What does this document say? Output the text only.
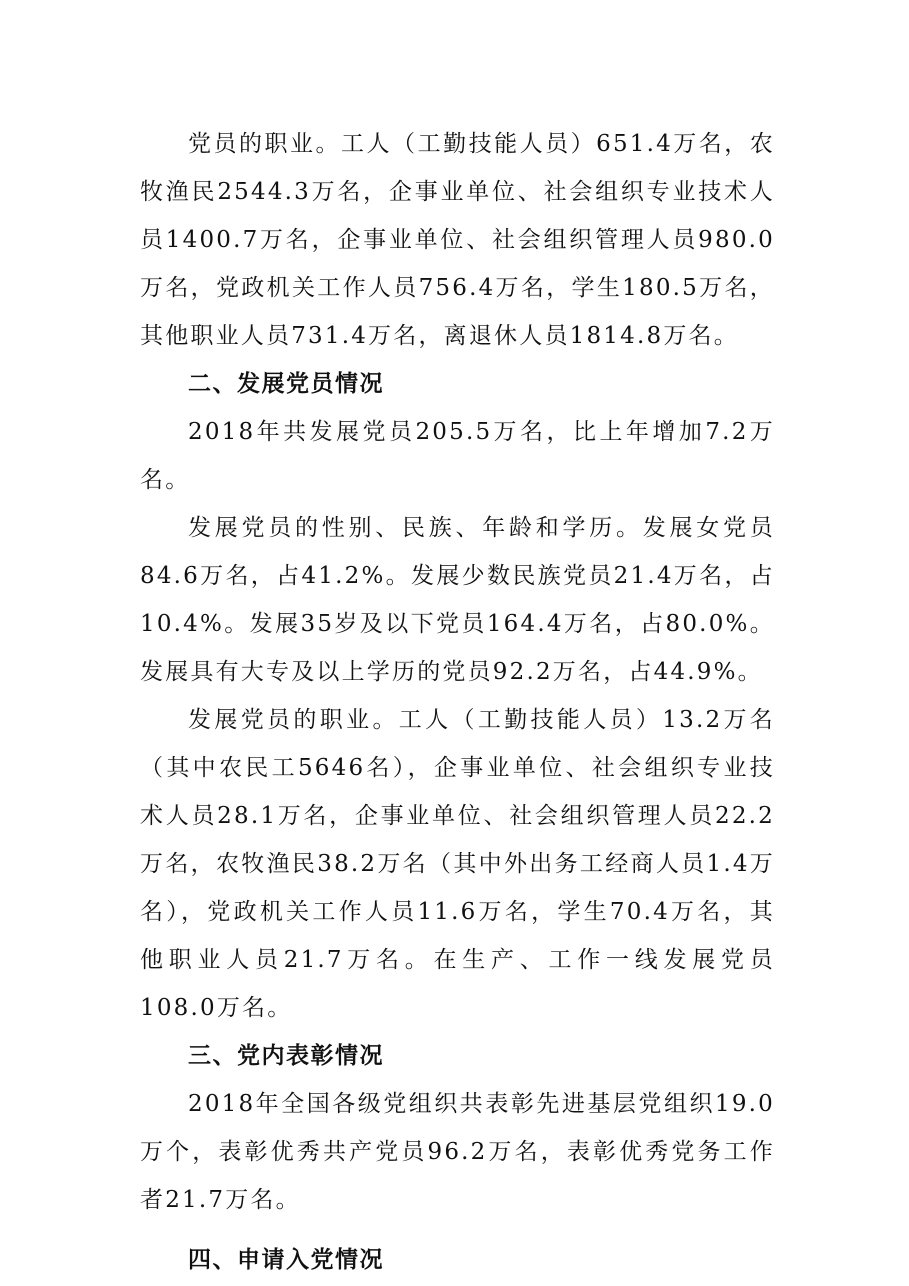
党员的职业。工人（工勤技能人员）651.4万名，农牧渔民2544.3万名，企事业单位、社会组织专业技术人员1400.7万名，企事业单位、社会组织管理人员980.0万名，党政机关工作人员756.4万名，学生180.5万名，其他职业人员731.4万名，离退休人员1814.8万名。

二、发展党员情况

2018年共发展党员205.5万名，比上年增加7.2万名。

发展党员的性别、民族、年龄和学历。发展女党员84.6万名，占41.2%。发展少数民族党员21.4万名，占10.4%。发展35岁及以下党员164.4万名，占80.0%。发展具有大专及以上学历的党员92.2万名，占44.9%。

发展党员的职业。工人（工勤技能人员）13.2万名（其中农民工5646名），企事业单位、社会组织专业技术人员28.1万名，企事业单位、社会组织管理人员22.2万名，农牧渔民38.2万名（其中外出务工经商人员1.4万名），党政机关工作人员11.6万名，学生70.4万名，其他职业人员21.7万名。在生产、工作一线发展党员108.0万名。

三、党内表彰情况

2018年全国各级党组织共表彰先进基层党组织19.0万个，表彰优秀共产党员96.2万名，表彰优秀党务工作者21.7万名。

四、申请入党情况
